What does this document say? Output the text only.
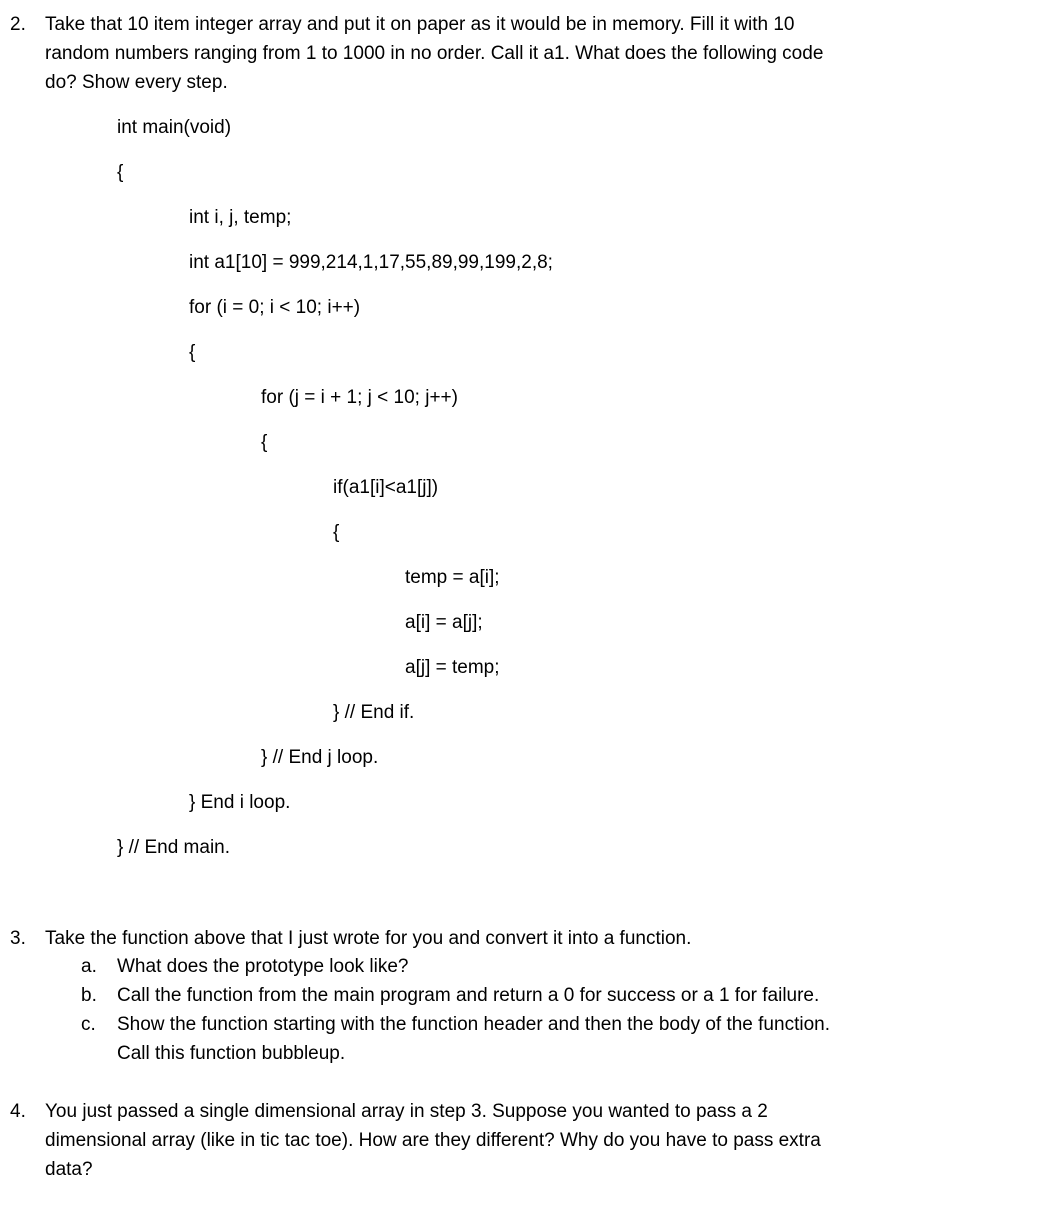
2. Take that 10 item integer array and put it on paper as it would be in memory. Fill it with 10
random numbers ranging from 1 to 1000 in no order. Call it a1. What does the following code
do? Show every step.
int main(void)
{
int i, j, temp;
int a1[10] = 999,214,1,17,55,89,99,199,2,8;
for (i = 0; i < 10; i++)
{
for (j = i + 1; j < 10; j++)
{
if(a1[i]<a1[j])
{
temp = a[i];
a[i] = a[j];
a[j] = temp;
} // End if.
} // End j loop.
} End i loop.
} // End main.
3. Take the function above that I just wrote for you and convert it into a function.
a. What does the prototype look like?
b. Call the function from the main program and return a 0 for success or a 1 for failure.
c. Show the function starting with the function header and then the body of the function.
Call this function bubbleup.
4. You just passed a single dimensional array in step 3. Suppose you wanted to pass a 2
dimensional array (like in tic tac toe). How are they different? Why do you have to pass extra
data?
